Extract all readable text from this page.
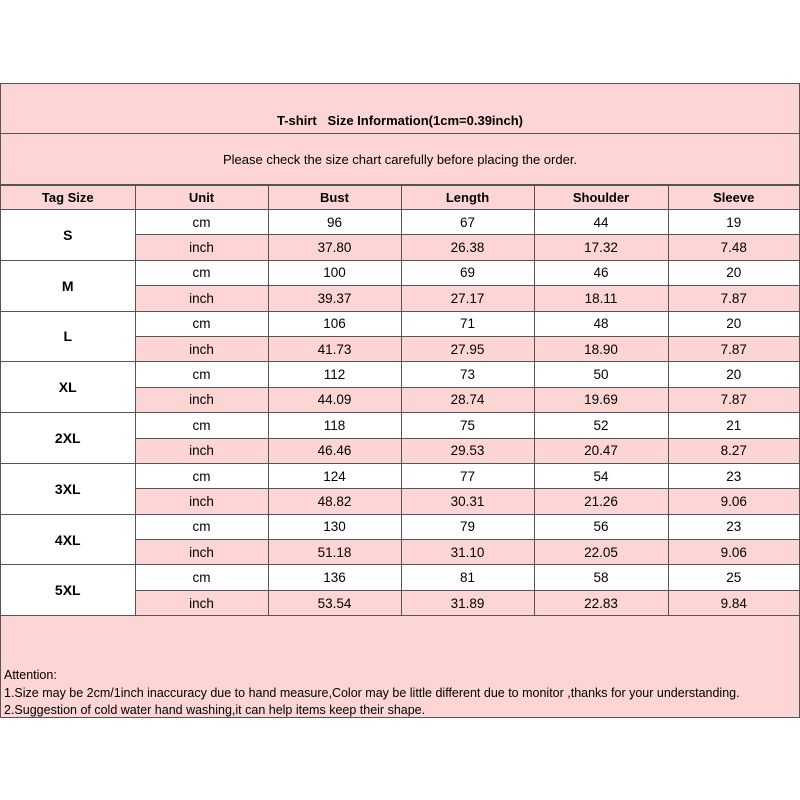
T-shirt   Size Information(1cm=0.39inch)
Please check the size chart carefully before placing the order.
Tag Size	Unit	Bust	Length	Shoulder	Sleeve
S	cm	96	67	44	19
	inch	37.80	26.38	17.32	7.48
M	cm	100	69	46	20
	inch	39.37	27.17	18.11	7.87
L	cm	106	71	48	20
	inch	41.73	27.95	18.90	7.87
XL	cm	112	73	50	20
	inch	44.09	28.74	19.69	7.87
2XL	cm	118	75	52	21
	inch	46.46	29.53	20.47	8.27
3XL	cm	124	77	54	23
	inch	48.82	30.31	21.26	9.06
4XL	cm	130	79	56	23
	inch	51.18	31.10	22.05	9.06
5XL	cm	136	81	58	25
	inch	53.54	31.89	22.83	9.84
Attention:
1.Size may be 2cm/1inch inaccuracy due to hand measure,Color may be little different due to monitor ,thanks for your understanding.
2.Suggestion of cold water hand washing,it can help items keep their shape.
